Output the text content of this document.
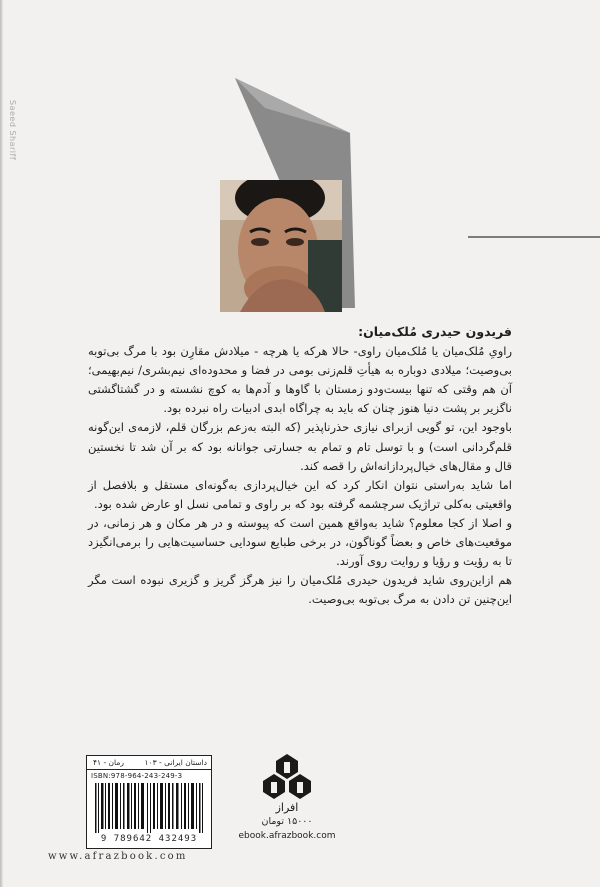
Saeed Shariff

فریدون حیدری مُلک‌میان:

راویِ مُلک‌میان یا مُلک‌میان راوی- حالا هرکه یا هرچه - میلادش مقارِن بود با مرگ بی‌توبه بی‌وصیت؛ میلادی دوباره به هیأتِ قلم‌زنی بومی در فضا و محدوده‌ای نیم‌بشری/ نیم‌بهیمی؛ آن هم وقتی که تنها بیست‌ودو زمستان با گاوها و آدم‌ها به کوچ نشسته و در گشتاگشتی ناگزیر بر پشت دنیا هنوز چنان که باید به چراگاه ابدی ادبیات راه نبرده بود.

باوجود این، تو گویی ازبرای نیازی حذرناپذیر (که البته به‌زعم بزرگان قلم، لازمه‌ی این‌گونه قلم‌گردانی است) و با توسل تام و تمام به جسارتی جوانانه بود که بر آن شد تا نخستین قال و مقال‌های خیال‌پردازانه‌اش را قصه کند.

اما شاید به‌راستی نتوان انکار کرد که این خیال‌پردازی به‌گونه‌ای مستقل و بلافصل از واقعیتی به‌کلی تراژیک سرچشمه گرفته بود که بر راوی و تمامی نسل او عارض شده بود.

و اصلا از کجا معلوم؟ شاید به‌واقع همین است که پیوسته و در هر مکان و هر زمانی، در موقعیت‌های خاص و بعضاً گوناگون، در برخی طبایع سودایی حساسیت‌هایی را برمی‌انگیزد تا به رؤیت و رؤیا و روایت روی آورند.

هم ازاین‌روی شاید فریدون حیدری مُلک‌میان را نیز هرگز گریز و گزیری نبوده است مگر این‌چنین تن دادن به مرگ بی‌توبه بی‌وصیت.

داستان ایرانی - ۱۰۳
رمان - ۴۱
ISBN:978-964-243-249-3
9 789642 432493
افراز
۱۵۰۰۰ تومان
ebook.afrazbook.com
www.afrazbook.com
